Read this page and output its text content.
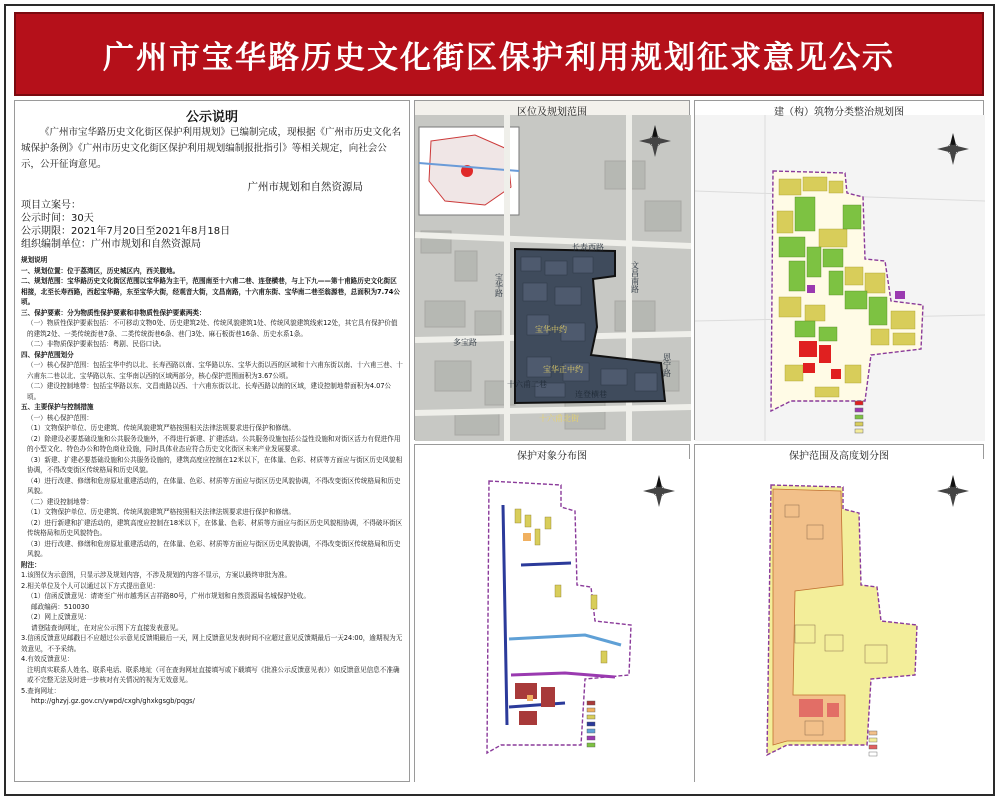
广州市宝华路历史文化街区保护利用规划征求意见公示
公示说明
《广州市宝华路历史文化街区保护利用规划》已编制完成，现根据《广州市历史文化名城保护条例》《广州市历史文化街区保护利用规划编制报批指引》等相关规定，向社会公示，公开征询意见。
广州市规划和自然资源局
项目立案号：
公示时间：30天
公示期限：2021年7月20日至2021年8月18日
组织编制单位：广州市规划和自然资源局
规划说明
一、规划位置：位于荔湾区，历史城区内，西关腹地。
二、规划范围：宝华路历史文化街区范围以宝华路为主干，范围南至十六甫二巷、连登横巷，与上下九——第十甫路历史文化街区相接，北至长寿西路，西起宝华路，东至宝华大街，经观音大街，文昌南路，十六甫东街、宝华南二巷至翁源巷，总面积为7.74公顷。
三、保护要素：分为物质性保护要素和非物质性保护要素两类：
（一）物质性保护要素包括：不可移动文物0处、历史建筑2处、传统风貌建筑1处、传统风貌建筑线索12处，其它具有保护价值的建筑2处、一类传统街巷7条、二类传统街巷6条、巷门3处、麻石板街巷16条、历史水系1条。
（二）非物质保护要素包括：粤剧、民俗口诀。
四、保护范围划分
（一）核心保护范围：包括宝华中约以北、长寿西路以南、宝华路以东、宝华大街以西的区域和十六甫东街以南、十六甫三巷、十六甫东二巷以北、宝华路以东、宝华南以西的区域两部分，核心保护范围面积为3.67公顷。
（二）建设控制地带：包括宝华路以东、文昌南路以西、十六甫东街以北、长寿西路以南的区域，建设控制地带面积为4.07公顷。
五、主要保护与控制措施
（一）核心保护范围：
（1）文物保护单位、历史建筑、传统风貌建筑严格按照相关法律法规要求进行保护和修缮。
（2）除建设必要基础设施和公共服务设施外，不得进行新建、扩建活动。公共服务设施包括公益性设施和对街区活力有促进作用的小型文化、特色办公和特色商业设施，同时具体业态应符合历史文化街区未来产业发展要求。
（3）新建、扩建必要基础设施和公共服务设施的，建筑高度应控制在12米以下，在体量、色彩、材质等方面应与街区历史风貌相协调，不得改变街区传统格局和历史风貌。
（4）进行改建、修缮和危房原址重建活动的，在体量、色彩、材质等方面应与街区历史风貌协调，不得改变街区传统格局和历史风貌。
（二）建设控制地带：
（1）文物保护单位、历史建筑、传统风貌建筑严格按照相关法律法规要求进行保护和修缮。
（2）进行新建和扩建活动的，建筑高度应控制在18米以下，在体量、色彩、材质等方面应与街区历史风貌相协调，不得破坏街区传统格局和历史风貌特色。
（3）进行改建、修缮和危房原址重建活动的，在体量、色彩、材质等方面应与街区历史风貌协调，不得改变街区传统格局和历史风貌。
附注：
1.该图仅为示意图，只显示涉及规划内容，不涉及规划的内容不显示，方案以最终审批为准。
2.相关单位及个人可以通过以下方式提出意见：
（1）信函反馈意见：请寄至广州市越秀区吉祥路80号，广州市规划和自然资源局名城保护处收。
邮政编码：510030
（2）网上反馈意见：
请登陆查询网址，在对应公示图下方直接发表意见。
3.信函反馈意见邮戳日不应超过公示意见反馈期最后一天，网上反馈意见发表时间不应超过意见反馈期最后一天24:00，逾期视为无效意见，不予采纳。
4.有效反馈意见：
注明真实联系人姓名、联系电话、联系地址（可在查询网址直接填写或下载填写《批准公示反馈意见表》）如反馈意见信息不准确或不完整无法及时进一步核对有关情况的视为无效意见。
5.查询网址：
http://ghzyj.gz.gov.cn/ywpd/cxgh/ghxkgsgb/pqgs/
区位及规划范围
长寿西路
宝华路
多宝路
宝华中约
宝华正中约
十六甫北街
文昌南路
恩宁路
十六甫二巷
连登横巷
建（构）筑物分类整治规划图
保护对象分布图	保护范围及高度划分图
